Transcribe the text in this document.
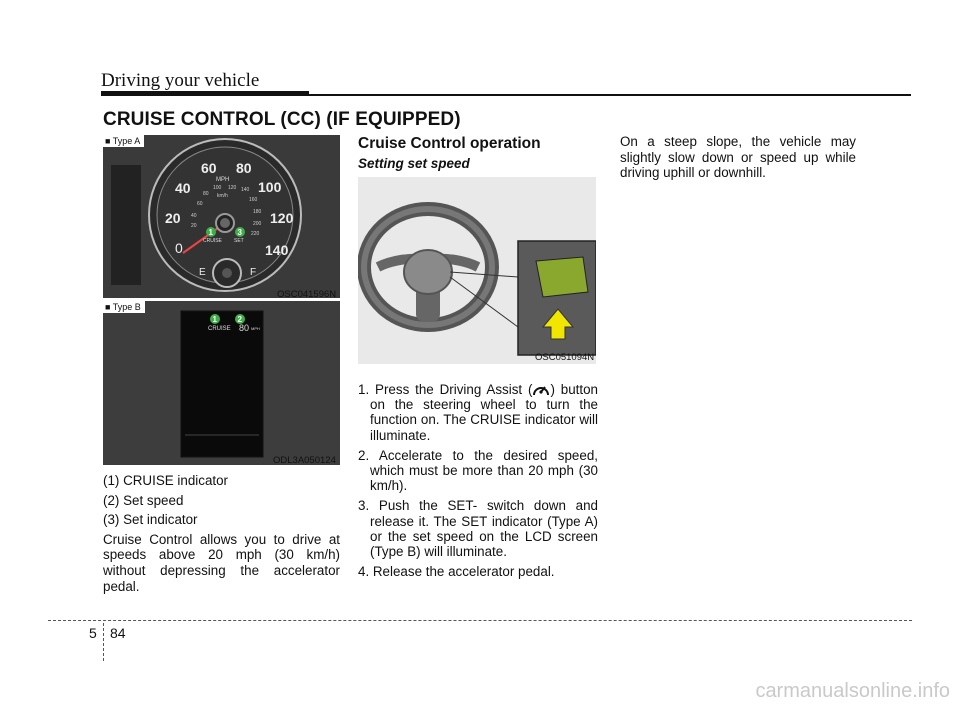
Driving your vehicle
CRUISE CONTROL (CC) (IF EQUIPPED)
0
20
40
60 80
100
120
140
MPH
km/h
20
40
60
80
100 120 140
160
180
200
220
CRUISE SET
1	3
E	F
■ Type A
OSC041596N
1	2
CRUISE 80 MPH
■ Type B
ODL3A050124
(1) CRUISE indicator
(2) Set speed
(3) Set indicator

Cruise Control allows you to drive at speeds above 20 mph (30 km/h) without depressing the accelerator pedal.

Cruise Control operation
Setting set speed
OSC051094N
1. Press the Driving Assist ( ) button on the steering wheel to turn the function on. The CRUISE indicator will illuminate.
2. Accelerate to the desired speed, which must be more than 20 mph (30 km/h).
3. Push the SET- switch down and release it. The SET indicator (Type A) or the set speed on the LCD screen (Type B) will illuminate.
4. Release the accelerator pedal.

On a steep slope, the vehicle may slightly slow down or speed up while driving uphill or downhill.

5 84
carmanualsonline.info
